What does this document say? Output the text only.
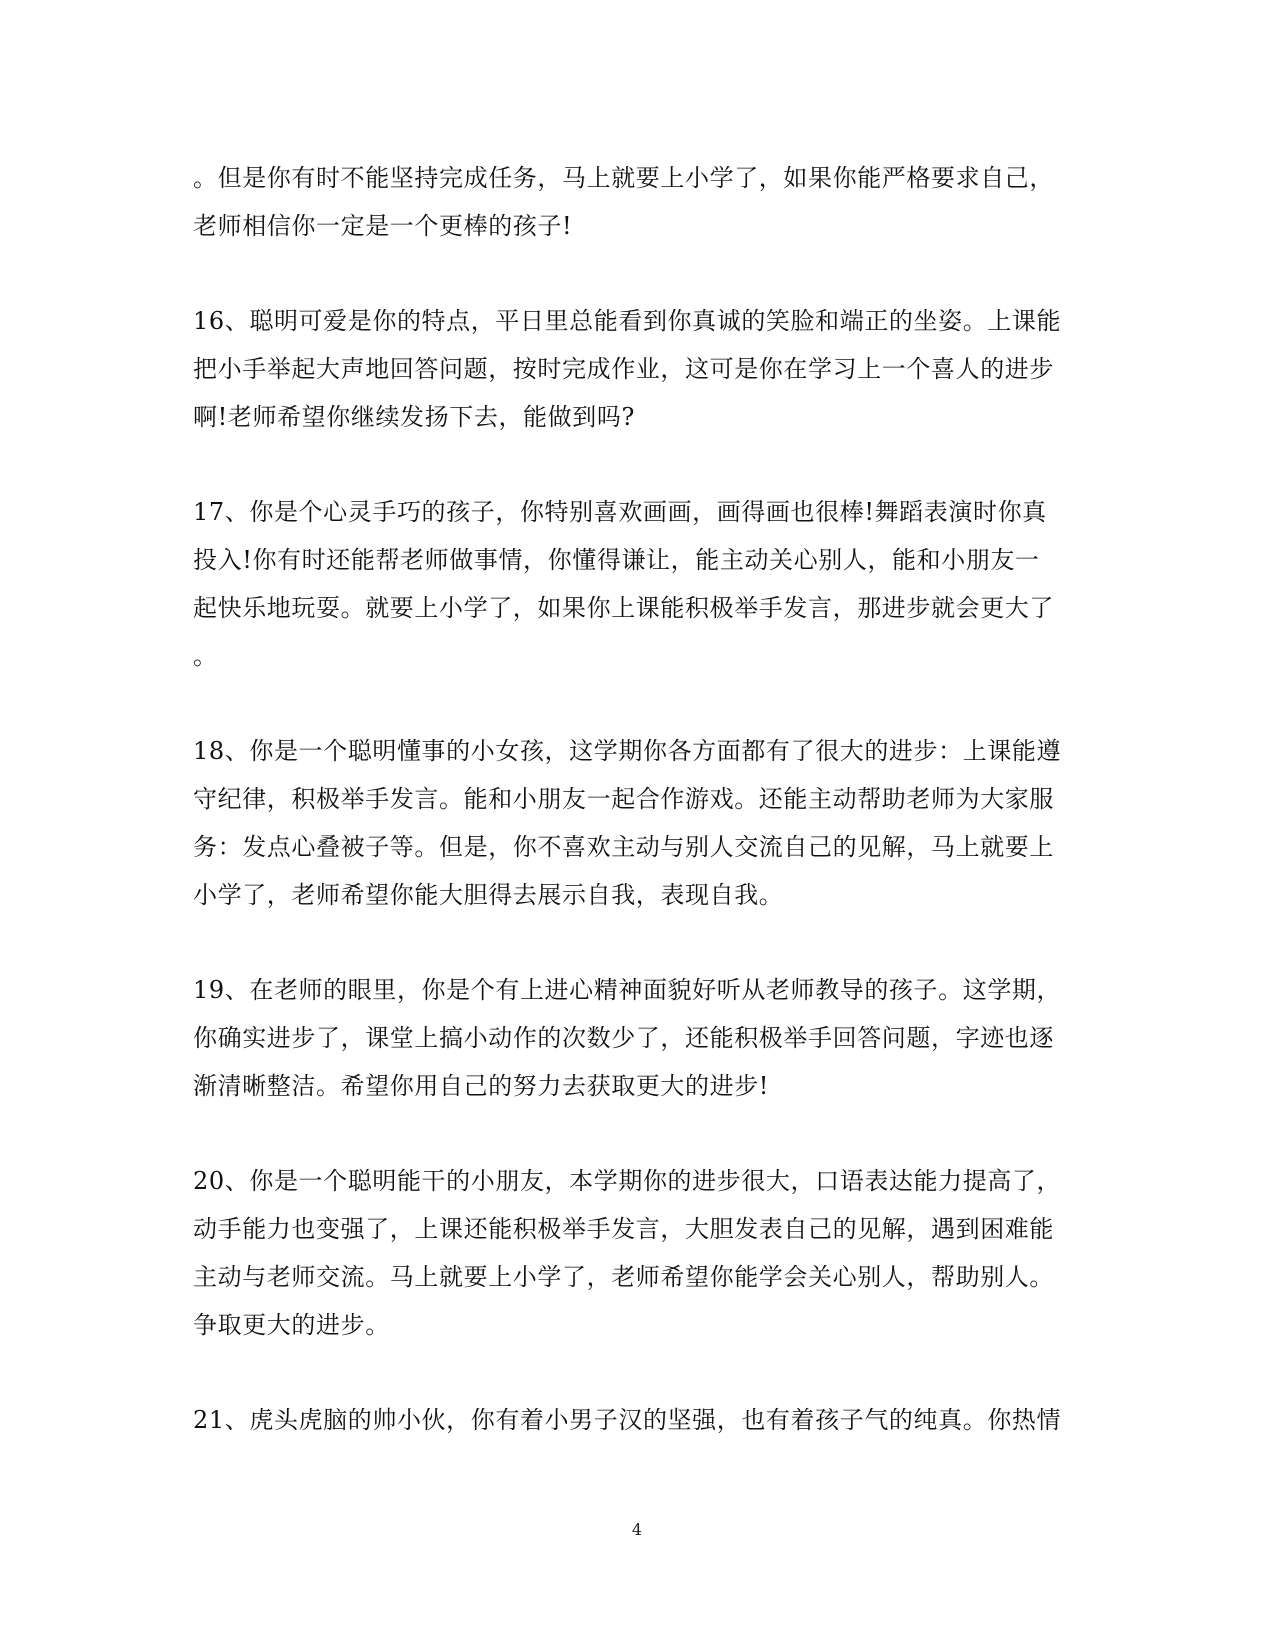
。但是你有时不能坚持完成任务，马上就要上小学了，如果你能严格要求自己，
老师相信你一定是一个更棒的孩子!

16、聪明可爱是你的特点，平日里总能看到你真诚的笑脸和端正的坐姿。上课能
把小手举起大声地回答问题，按时完成作业，这可是你在学习上一个喜人的进步
啊!老师希望你继续发扬下去，能做到吗?

17、你是个心灵手巧的孩子，你特别喜欢画画，画得画也很棒!舞蹈表演时你真
投入!你有时还能帮老师做事情，你懂得谦让，能主动关心别人，能和小朋友一
起快乐地玩耍。就要上小学了，如果你上课能积极举手发言，那进步就会更大了
。

18、你是一个聪明懂事的小女孩，这学期你各方面都有了很大的进步：上课能遵
守纪律，积极举手发言。能和小朋友一起合作游戏。还能主动帮助老师为大家服
务：发点心叠被子等。但是，你不喜欢主动与别人交流自己的见解，马上就要上
小学了，老师希望你能大胆得去展示自我，表现自我。

19、在老师的眼里，你是个有上进心精神面貌好听从老师教导的孩子。这学期，
你确实进步了，课堂上搞小动作的次数少了，还能积极举手回答问题，字迹也逐
渐清晰整洁。希望你用自己的努力去获取更大的进步!

20、你是一个聪明能干的小朋友，本学期你的进步很大，口语表达能力提高了，
动手能力也变强了，上课还能积极举手发言，大胆发表自己的见解，遇到困难能
主动与老师交流。马上就要上小学了，老师希望你能学会关心别人，帮助别人。
争取更大的进步。

21、虎头虎脑的帅小伙，你有着小男子汉的坚强，也有着孩子气的纯真。你热情

4
